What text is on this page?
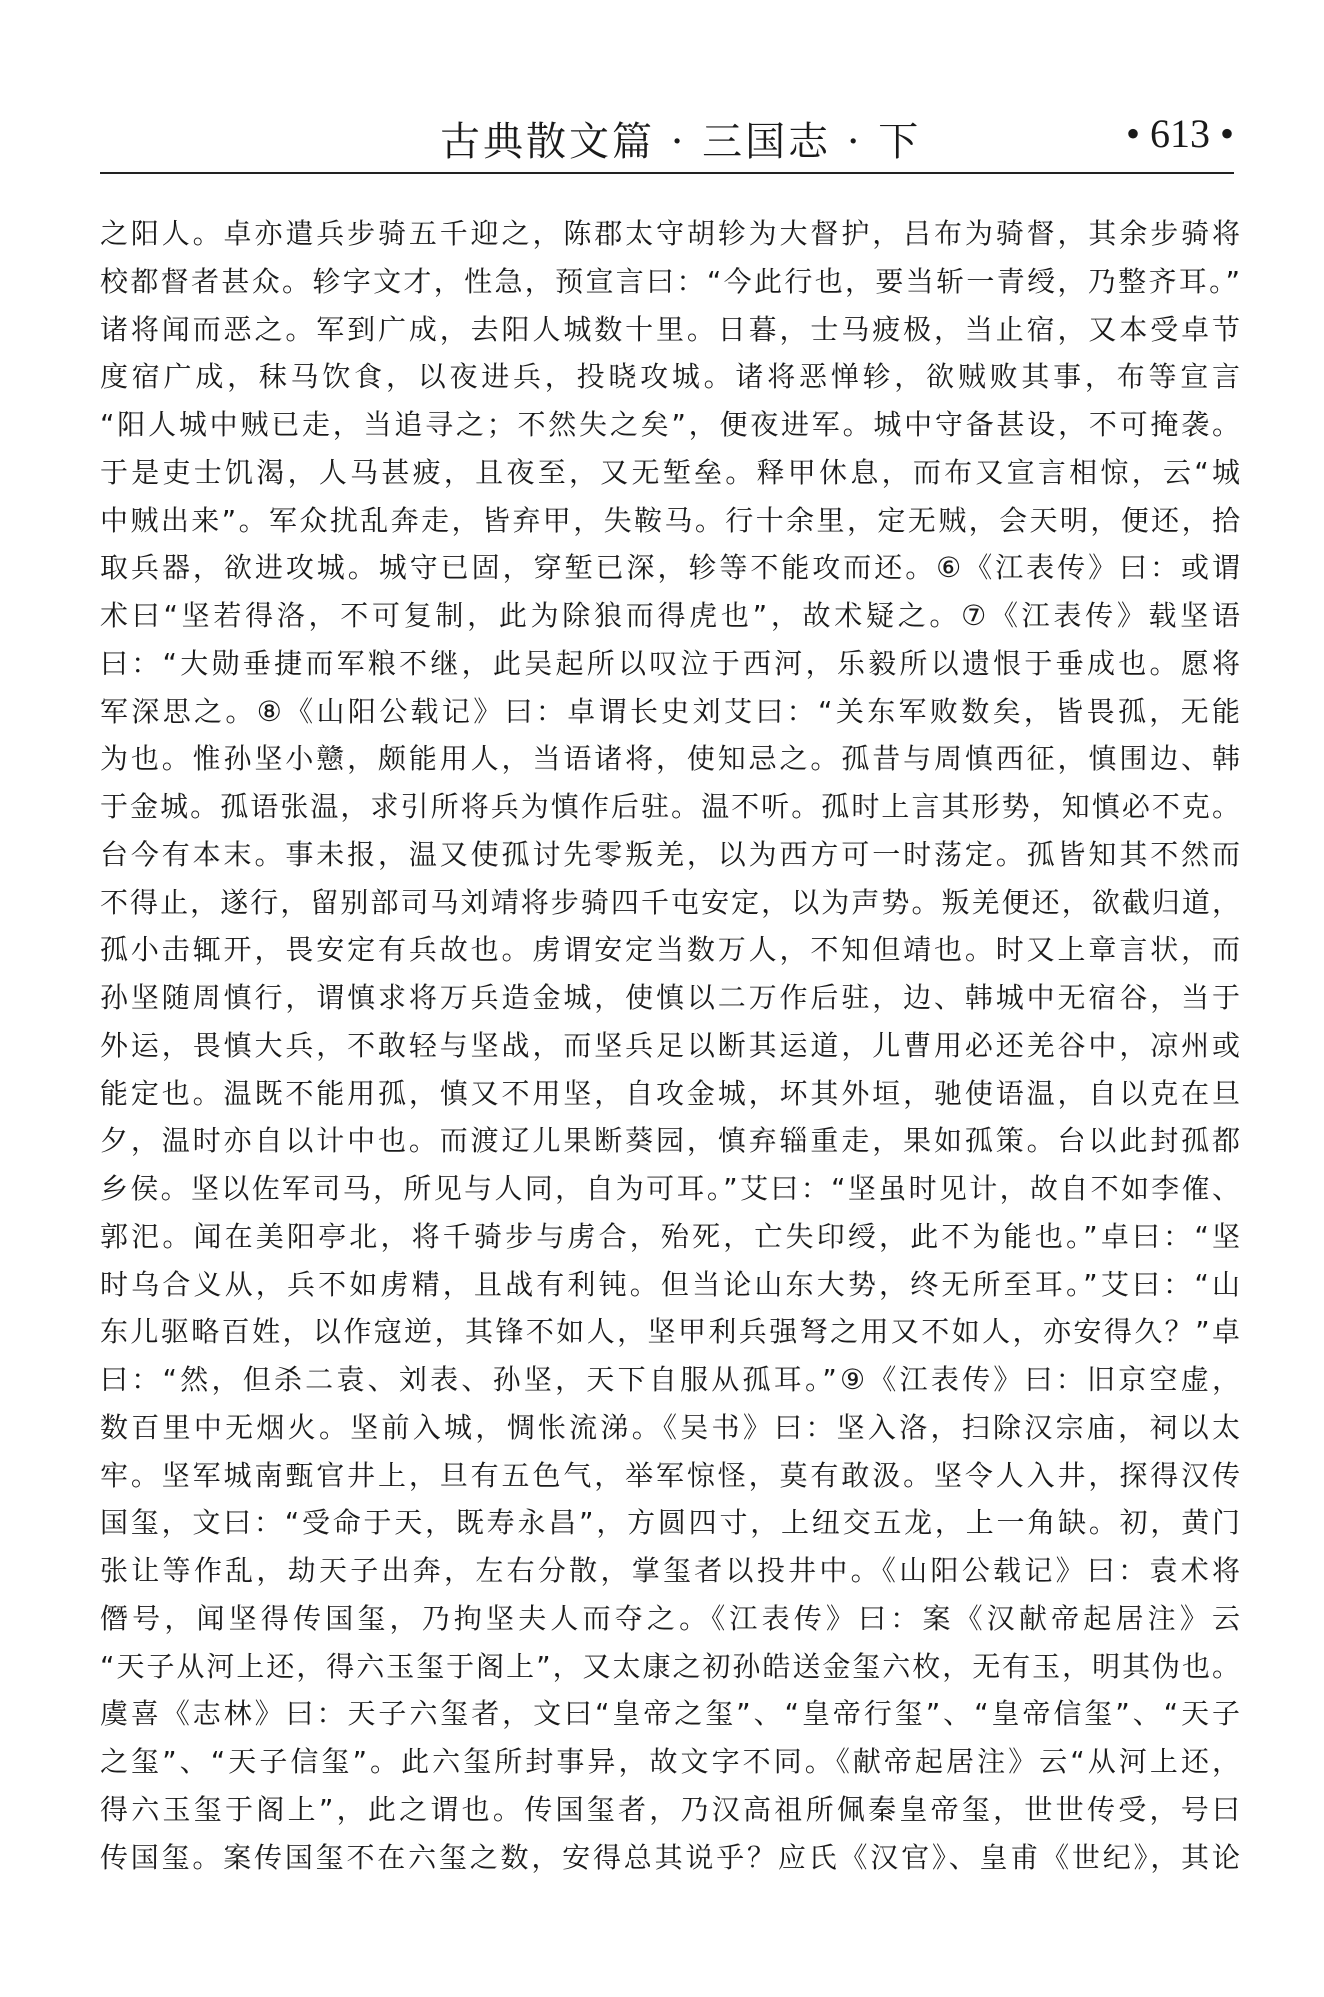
古典散文篇 · 三国志 · 下	• 613 •
之阳人。卓亦遣兵步骑五千迎之，陈郡太守胡轸为大督护，吕布为骑督，其余步骑将
校都督者甚众。轸字文才，性急，预宣言曰：“今此行也，要当斩一青绶，乃整齐耳。”
诸将闻而恶之。军到广成，去阳人城数十里。日暮，士马疲极，当止宿，又本受卓节
度宿广成，秣马饮食，以夜进兵，投晓攻城。诸将恶惮轸，欲贼败其事，布等宣言
“阳人城中贼已走，当追寻之；不然失之矣”，便夜进军。城中守备甚设，不可掩袭。
于是吏士饥渴，人马甚疲，且夜至，又无堑垒。释甲休息，而布又宣言相惊，云“城
中贼出来”。军众扰乱奔走，皆弃甲，失鞍马。行十余里，定无贼，会天明，便还，拾
取兵器，欲进攻城。城守已固，穿堑已深，轸等不能攻而还。⑥《江表传》曰：或谓
术曰“坚若得洛，不可复制，此为除狼而得虎也”，故术疑之。⑦《江表传》载坚语
曰：“大勋垂捷而军粮不继，此吴起所以叹泣于西河，乐毅所以遗恨于垂成也。愿将
军深思之。⑧《山阳公载记》曰：卓谓长史刘艾曰：“关东军败数矣，皆畏孤，无能
为也。惟孙坚小戆，颇能用人，当语诸将，使知忌之。孤昔与周慎西征，慎围边、韩
于金城。孤语张温，求引所将兵为慎作后驻。温不听。孤时上言其形势，知慎必不克。
台今有本末。事未报，温又使孤讨先零叛羌，以为西方可一时荡定。孤皆知其不然而
不得止，遂行，留别部司马刘靖将步骑四千屯安定，以为声势。叛羌便还，欲截归道，
孤小击辄开，畏安定有兵故也。虏谓安定当数万人，不知但靖也。时又上章言状，而
孙坚随周慎行，谓慎求将万兵造金城，使慎以二万作后驻，边、韩城中无宿谷，当于
外运，畏慎大兵，不敢轻与坚战，而坚兵足以断其运道，儿曹用必还羌谷中，凉州或
能定也。温既不能用孤，慎又不用坚，自攻金城，坏其外垣，驰使语温，自以克在旦
夕，温时亦自以计中也。而渡辽儿果断葵园，慎弃辎重走，果如孤策。台以此封孤都
乡侯。坚以佐军司马，所见与人同，自为可耳。”艾曰：“坚虽时见计，故自不如李傕、
郭汜。闻在美阳亭北，将千骑步与虏合，殆死，亡失印绶，此不为能也。”卓曰：“坚
时乌合义从，兵不如虏精，且战有利钝。但当论山东大势，终无所至耳。”艾曰：“山
东儿驱略百姓，以作寇逆，其锋不如人，坚甲利兵强弩之用又不如人，亦安得久？”卓
曰：“然，但杀二袁、刘表、孙坚，天下自服从孤耳。”⑨《江表传》曰：旧京空虚，
数百里中无烟火。坚前入城，惆怅流涕。《吴书》曰：坚入洛，扫除汉宗庙，祠以太
牢。坚军城南甄官井上，旦有五色气，举军惊怪，莫有敢汲。坚令人入井，探得汉传
国玺，文曰：“受命于天，既寿永昌”，方圆四寸，上纽交五龙，上一角缺。初，黄门
张让等作乱，劫天子出奔，左右分散，掌玺者以投井中。《山阳公载记》曰：袁术将
僭号，闻坚得传国玺，乃拘坚夫人而夺之。《江表传》曰：案《汉献帝起居注》云
“天子从河上还，得六玉玺于阁上”，又太康之初孙皓送金玺六枚，无有玉，明其伪也。
虞喜《志林》曰：天子六玺者，文曰“皇帝之玺”、“皇帝行玺”、“皇帝信玺”、“天子
之玺”、“天子信玺”。此六玺所封事异，故文字不同。《献帝起居注》云“从河上还，
得六玉玺于阁上”，此之谓也。传国玺者，乃汉高祖所佩秦皇帝玺，世世传受，号曰
传国玺。案传国玺不在六玺之数，安得总其说乎？应氏《汉官》、皇甫《世纪》，其论
